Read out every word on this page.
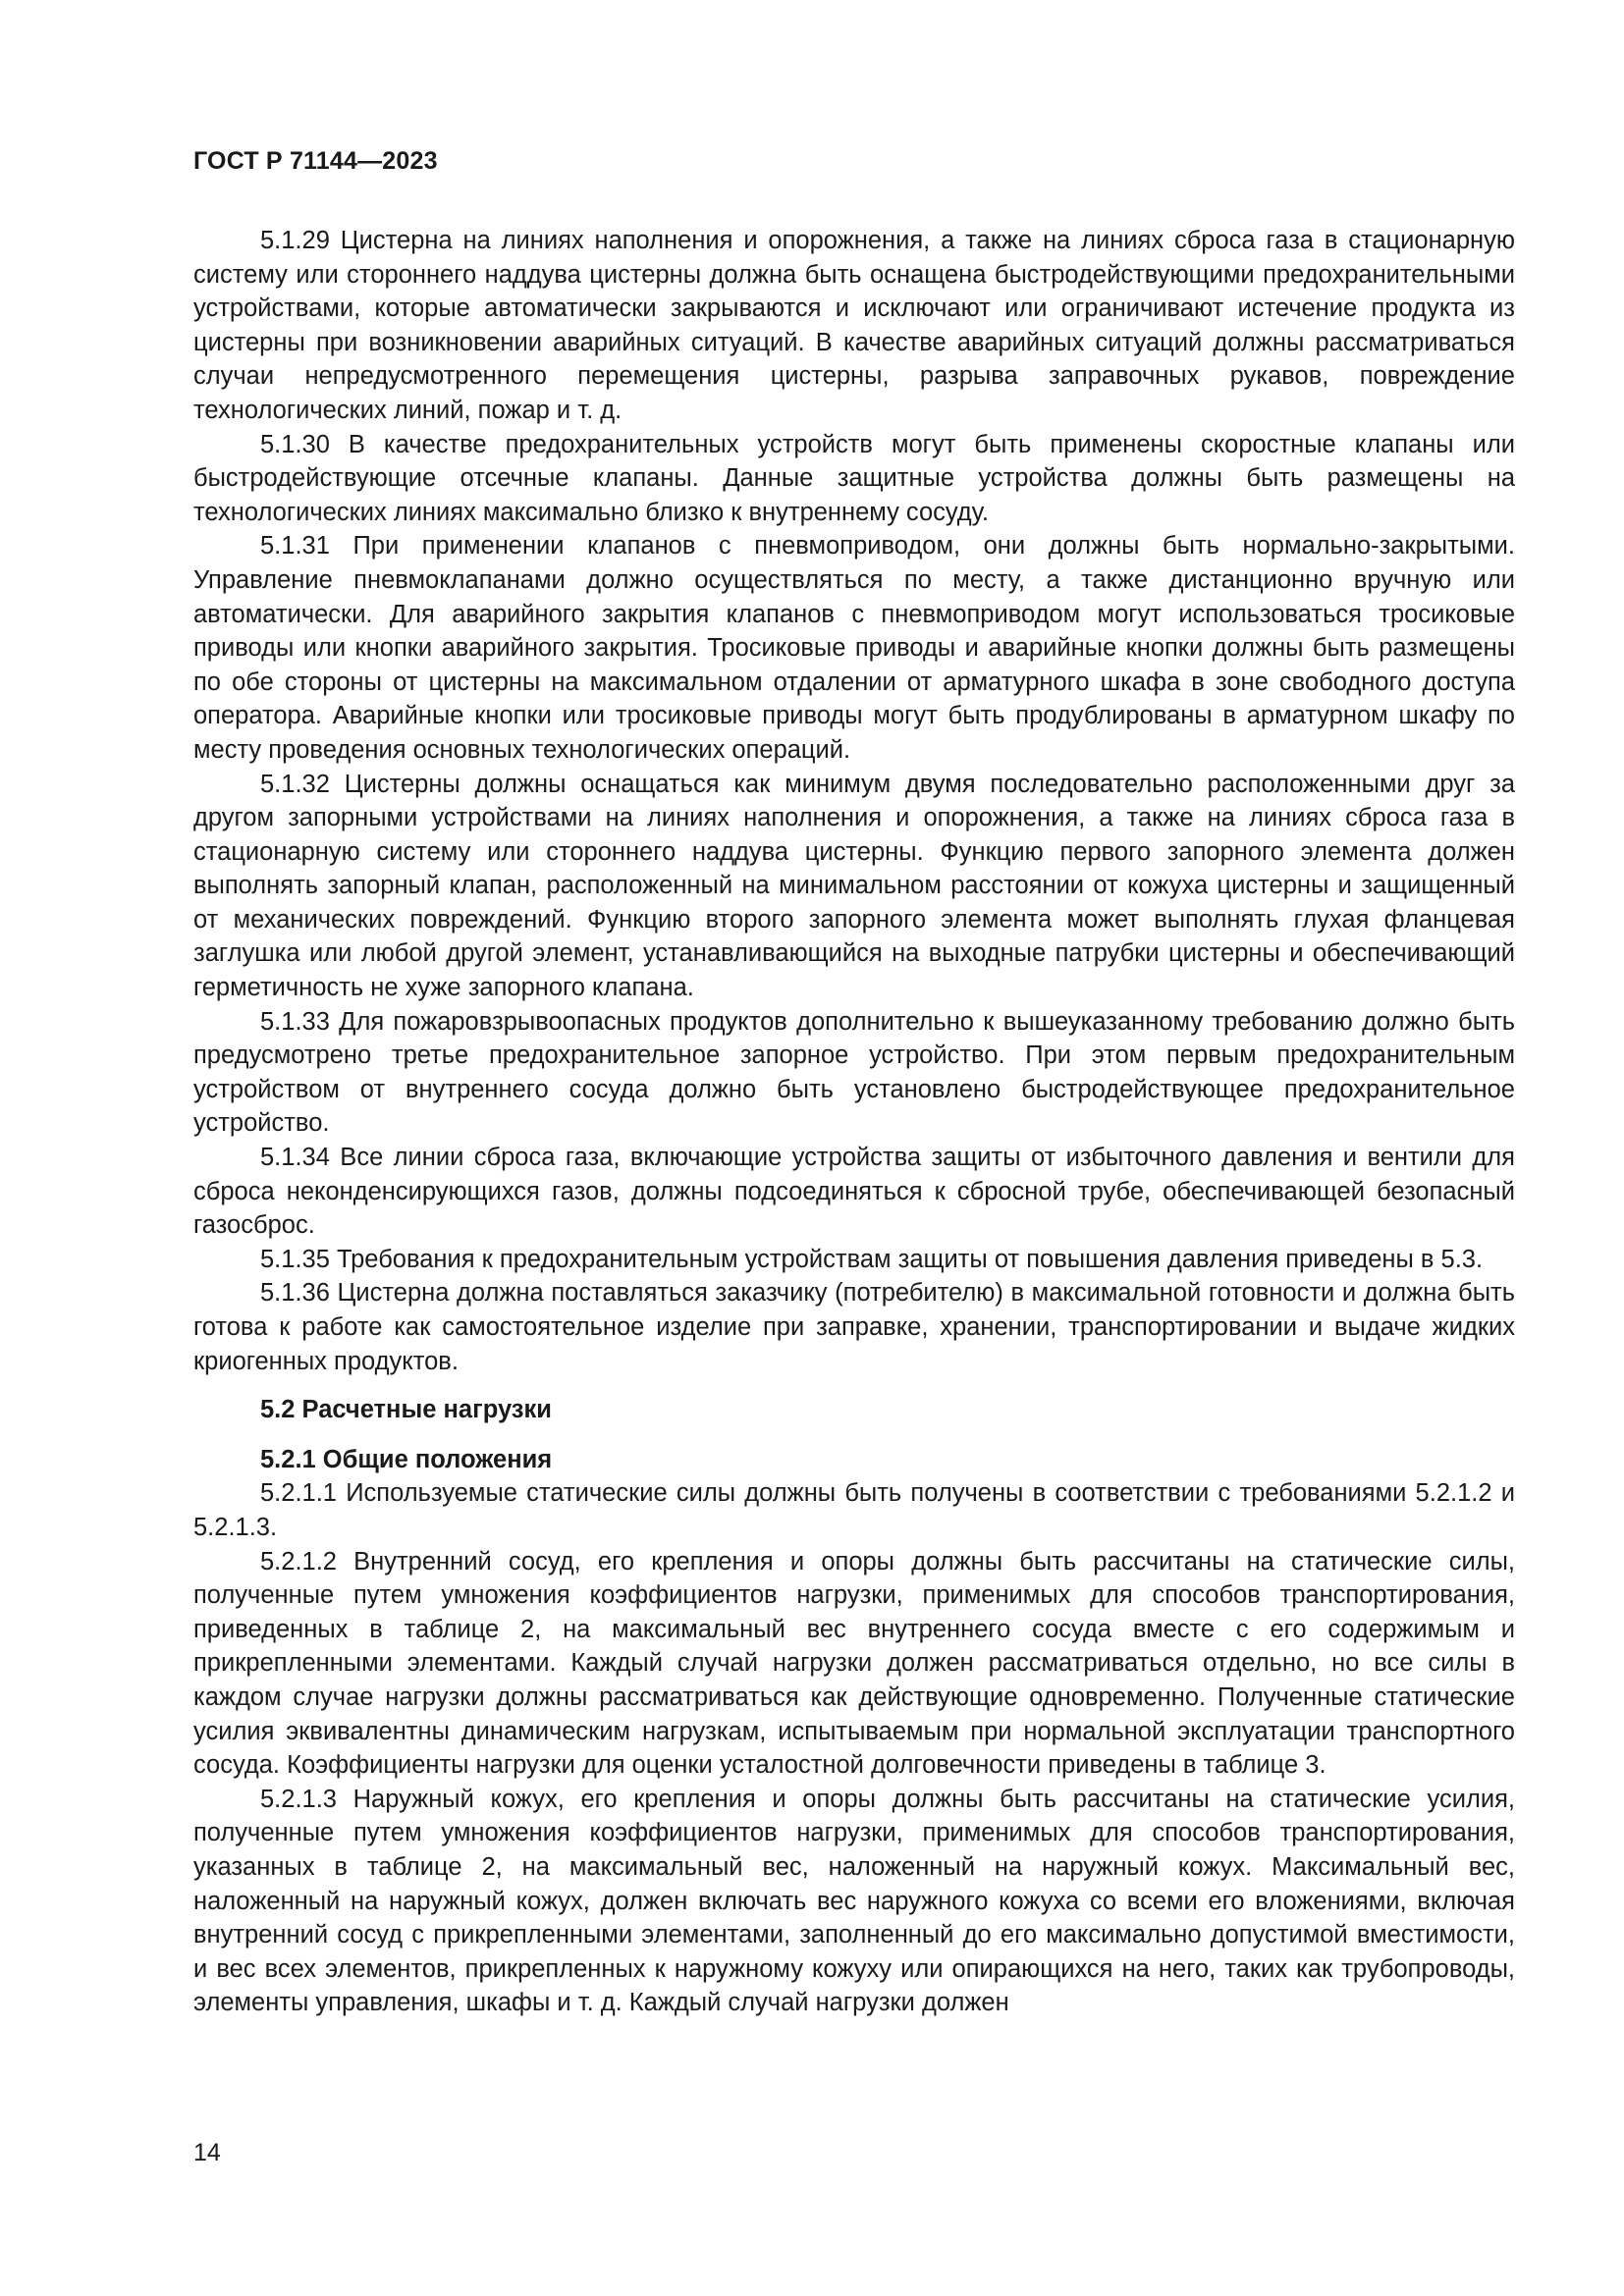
ГОСТ Р 71144—2023

5.1.29 Цистерна на линиях наполнения и опорожнения, а также на линиях сброса газа в стационарную систему или стороннего наддува цистерны должна быть оснащена быстродействующими предохранительными устройствами, которые автоматически закрываются и исключают или ограничивают истечение продукта из цистерны при возникновении аварийных ситуаций. В качестве аварийных ситуаций должны рассматриваться случаи непредусмотренного перемещения цистерны, разрыва заправочных рукавов, повреждение технологических линий, пожар и т. д.

5.1.30 В качестве предохранительных устройств могут быть применены скоростные клапаны или быстродействующие отсечные клапаны. Данные защитные устройства должны быть размещены на технологических линиях максимально близко к внутреннему сосуду.

5.1.31 При применении клапанов с пневмоприводом, они должны быть нормально-закрытыми. Управление пневмоклапанами должно осуществляться по месту, а также дистанционно вручную или автоматически. Для аварийного закрытия клапанов с пневмоприводом могут использоваться тросиковые приводы или кнопки аварийного закрытия. Тросиковые приводы и аварийные кнопки должны быть размещены по обе стороны от цистерны на максимальном отдалении от арматурного шкафа в зоне свободного доступа оператора. Аварийные кнопки или тросиковые приводы могут быть продублированы в арматурном шкафу по месту проведения основных технологических операций.

5.1.32 Цистерны должны оснащаться как минимум двумя последовательно расположенными друг за другом запорными устройствами на линиях наполнения и опорожнения, а также на линиях сброса газа в стационарную систему или стороннего наддува цистерны. Функцию первого запорного элемента должен выполнять запорный клапан, расположенный на минимальном расстоянии от кожуха цистерны и защищенный от механических повреждений. Функцию второго запорного элемента может выполнять глухая фланцевая заглушка или любой другой элемент, устанавливающийся на выходные патрубки цистерны и обеспечивающий герметичность не хуже запорного клапана.

5.1.33 Для пожаровзрывоопасных продуктов дополнительно к вышеуказанному требованию должно быть предусмотрено третье предохранительное запорное устройство. При этом первым предохранительным устройством от внутреннего сосуда должно быть установлено быстродействующее предохранительное устройство.

5.1.34 Все линии сброса газа, включающие устройства защиты от избыточного давления и вентили для сброса неконденсирующихся газов, должны подсоединяться к сбросной трубе, обеспечивающей безопасный газосброс.

5.1.35 Требования к предохранительным устройствам защиты от повышения давления приведены в 5.3.

5.1.36 Цистерна должна поставляться заказчику (потребителю) в максимальной готовности и должна быть готова к работе как самостоятельное изделие при заправке, хранении, транспортировании и выдаче жидких криогенных продуктов.

5.2 Расчетные нагрузки
5.2.1 Общие положения

5.2.1.1 Используемые статические силы должны быть получены в соответствии с требованиями 5.2.1.2 и 5.2.1.3.

5.2.1.2 Внутренний сосуд, его крепления и опоры должны быть рассчитаны на статические силы, полученные путем умножения коэффициентов нагрузки, применимых для способов транспортирования, приведенных в таблице 2, на максимальный вес внутреннего сосуда вместе с его содержимым и прикрепленными элементами. Каждый случай нагрузки должен рассматриваться отдельно, но все силы в каждом случае нагрузки должны рассматриваться как действующие одновременно. Полученные статические усилия эквивалентны динамическим нагрузкам, испытываемым при нормальной эксплуатации транспортного сосуда. Коэффициенты нагрузки для оценки усталостной долговечности приведены в таблице 3.

5.2.1.3 Наружный кожух, его крепления и опоры должны быть рассчитаны на статические усилия, полученные путем умножения коэффициентов нагрузки, применимых для способов транспортирования, указанных в таблице 2, на максимальный вес, наложенный на наружный кожух. Максимальный вес, наложенный на наружный кожух, должен включать вес наружного кожуха со всеми его вложениями, включая внутренний сосуд с прикрепленными элементами, заполненный до его максимально допустимой вместимости, и вес всех элементов, прикрепленных к наружному кожуху или опирающихся на него, таких как трубопроводы, элементы управления, шкафы и т. д. Каждый случай нагрузки должен

14
